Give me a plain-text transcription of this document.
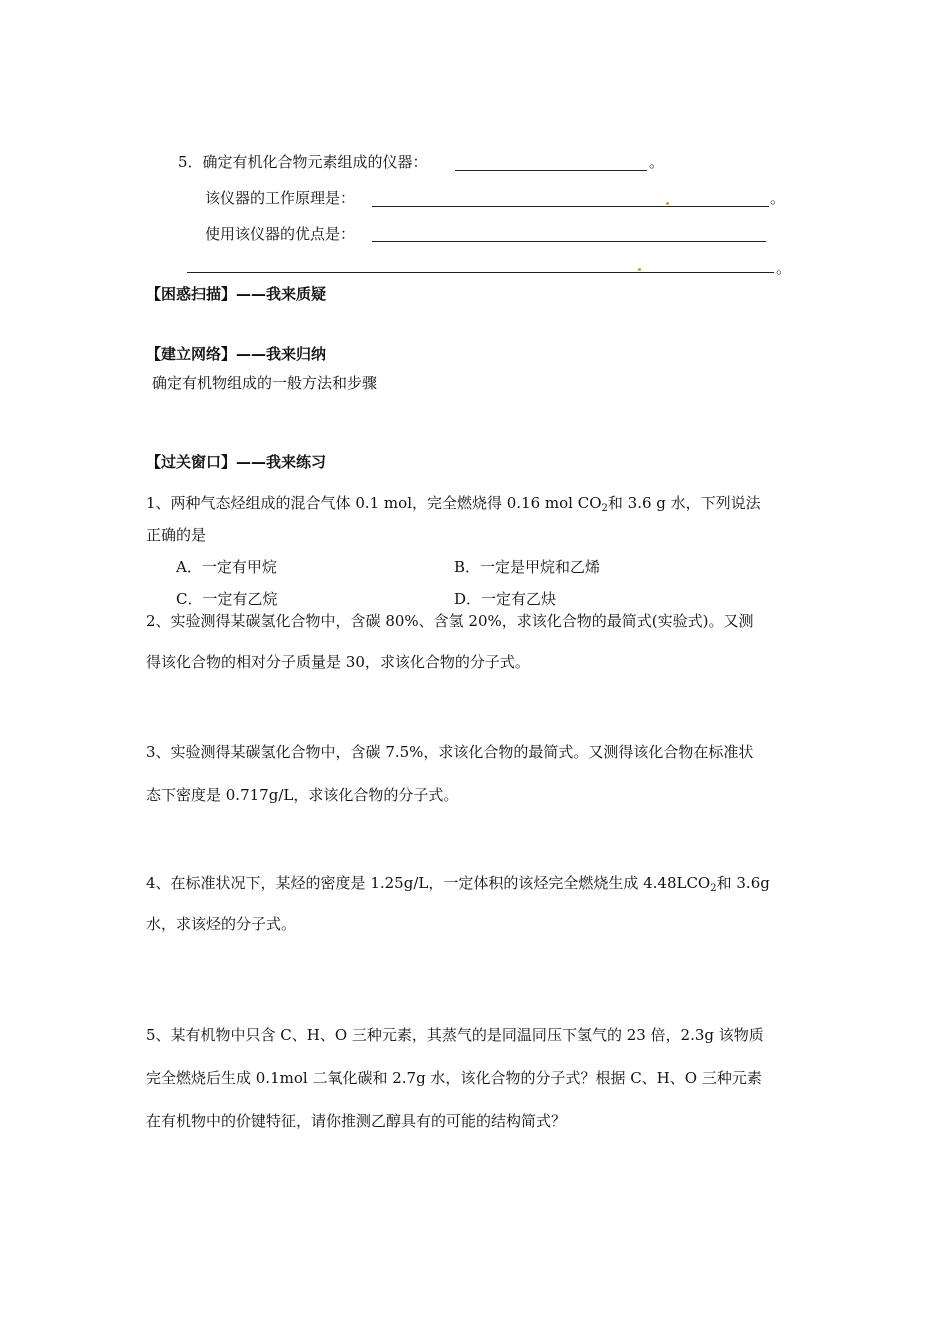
5．确定有机化合物元素组成的仪器：	。
该仪器的工作原理是：	。
使用该仪器的优点是：
。
【困惑扫描】——我来质疑
【建立网络】——我来归纳
确定有机物组成的一般方法和步骤
【过关窗口】——我来练习
1、两种气态烃组成的混合气体 0.1 mol，完全燃烧得 0.16 mol $CO_2$和 3.6 g 水，下列说法
正确的是
A．一定有甲烷	B．一定是甲烷和乙烯
C．一定有乙烷	D．一定有乙炔
2、实验测得某碳氢化合物中，含碳 80%、含氢 20%，求该化合物的最简式(实验式)。又测
得该化合物的相对分子质量是 30，求该化合物的分子式。
3、实验测得某碳氢化合物中，含碳 7.5%，求该化合物的最简式。又测得该化合物在标准状
态下密度是 0.717g/L，求该化合物的分子式。
4、在标准状况下，某烃的密度是 1.25g/L，一定体积的该烃完全燃烧生成 $4.48LCO_2$和 3.6g
水，求该烃的分子式。
5、某有机物中只含 C、H、O 三种元素，其蒸气的是同温同压下氢气的 23 倍，2.3g 该物质
完全燃烧后生成 0.1mol 二氧化碳和 2.7g 水，该化合物的分子式？根据 C、H、O 三种元素
在有机物中的价键特征，请你推测乙醇具有的可能的结构简式？
